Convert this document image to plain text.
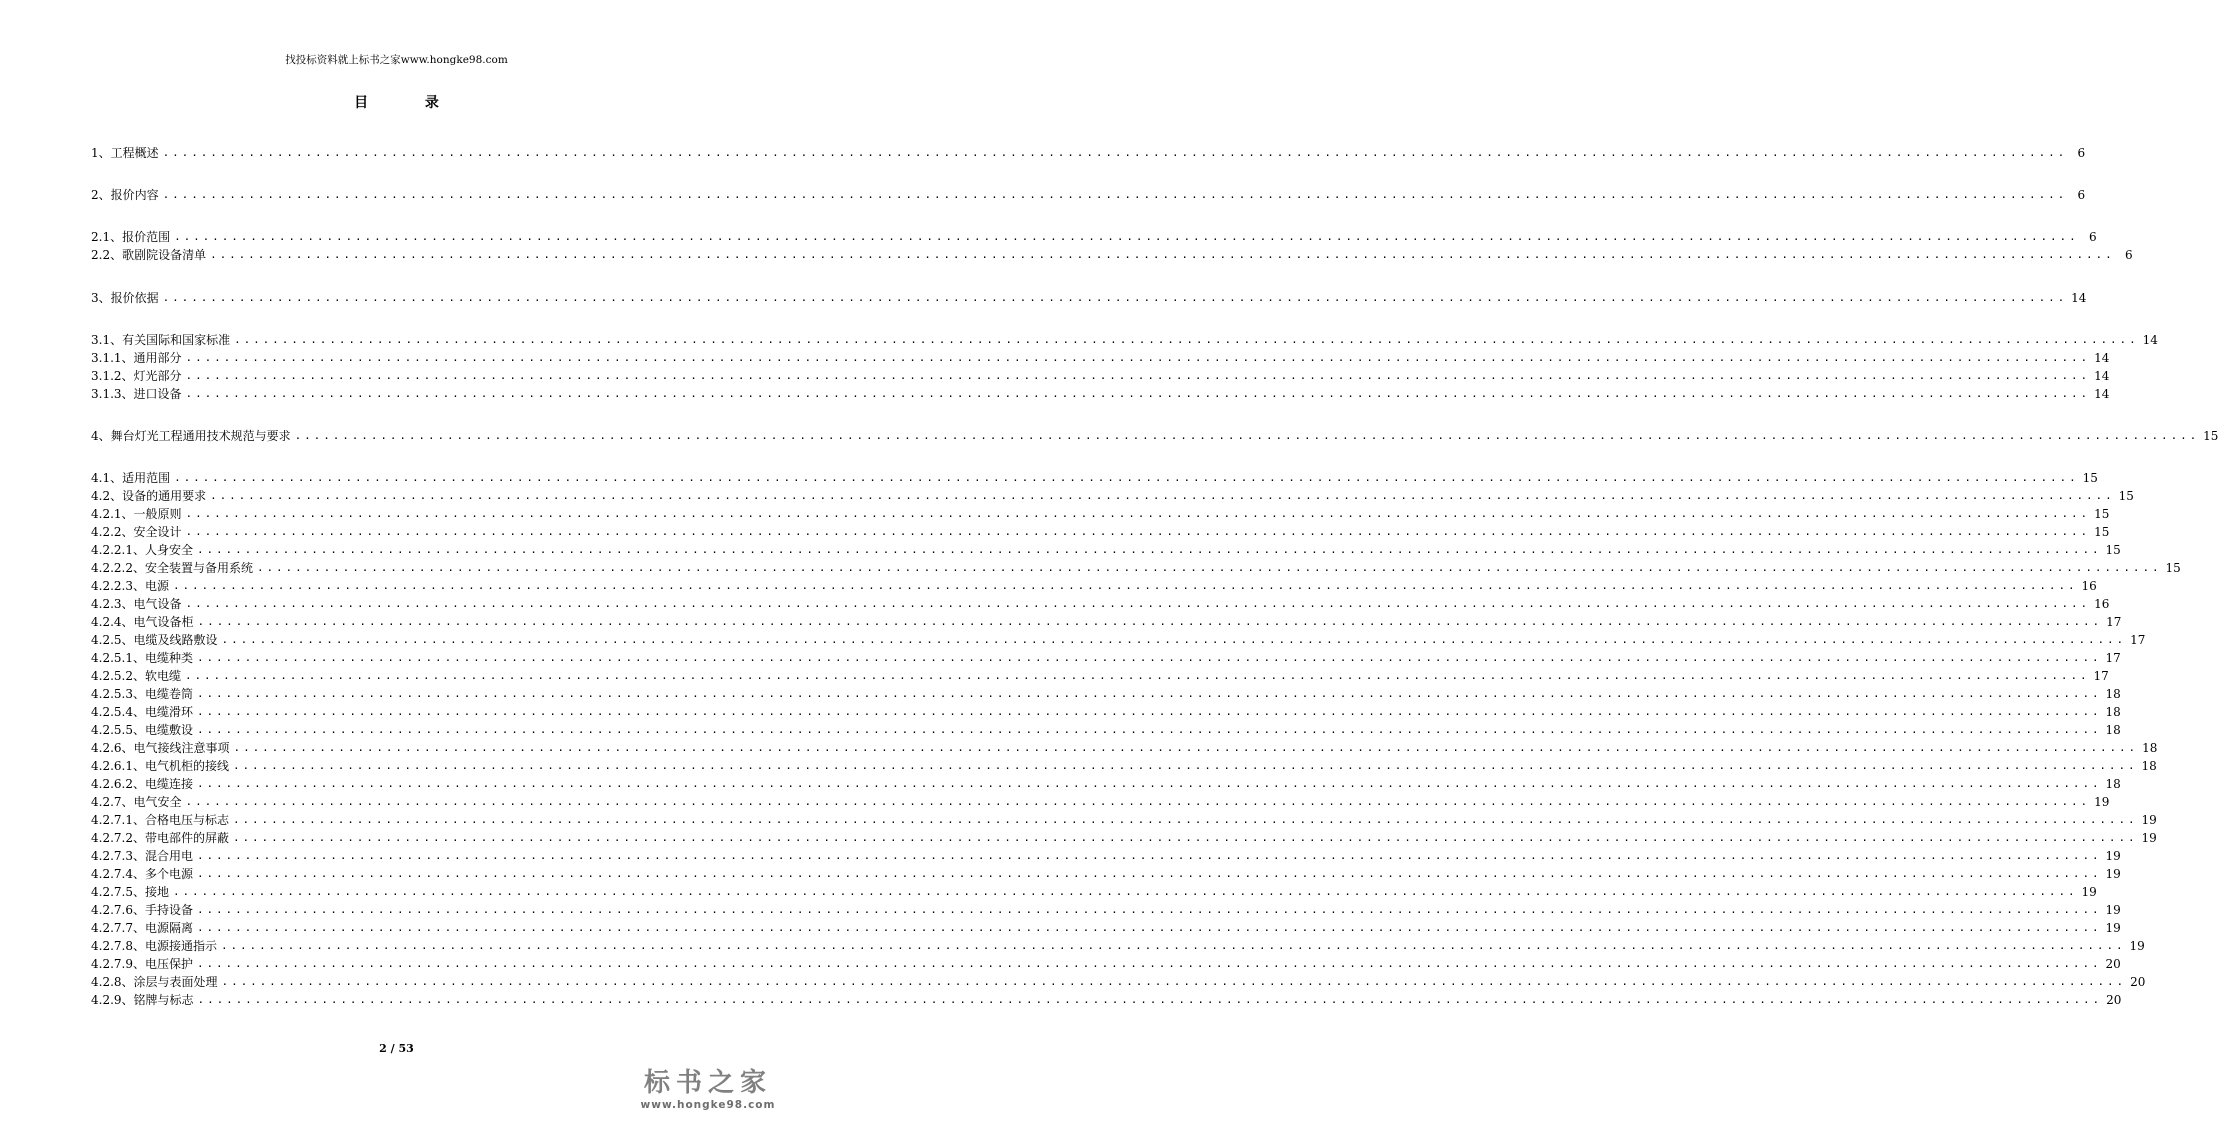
找投标资料就上标书之家www.hongke98.com
目 录
1、工程概述 ........................................................................................................................................................................................................ 6
2、报价内容 ........................................................................................................................................................................................................ 6
2.1、报价范围 ........................................................................................................................................................................................................ 6
2.2、歌剧院设备清单 ........................................................................................................................................................................................................ 6
3、报价依据 ........................................................................................................................................................................................................ 14
3.1、有关国际和国家标准 ........................................................................................................................................................................................................ 14
3.1.1、通用部分 ........................................................................................................................................................................................................ 14
3.1.2、灯光部分 ........................................................................................................................................................................................................ 14
3.1.3、进口设备 ........................................................................................................................................................................................................ 14
4、舞台灯光工程通用技术规范与要求 ........................................................................................................................................................................................................ 15
4.1、适用范围 ........................................................................................................................................................................................................ 15
4.2、设备的通用要求 ........................................................................................................................................................................................................ 15
4.2.1、一般原则 ........................................................................................................................................................................................................ 15
4.2.2、安全设计 ........................................................................................................................................................................................................ 15
4.2.2.1、人身安全 ........................................................................................................................................................................................................ 15
4.2.2.2、安全装置与备用系统 ........................................................................................................................................................................................................ 15
4.2.2.3、电源 ........................................................................................................................................................................................................ 16
4.2.3、电气设备 ........................................................................................................................................................................................................ 16
4.2.4、电气设备柜 ........................................................................................................................................................................................................ 17
4.2.5、电缆及线路敷设 ........................................................................................................................................................................................................ 17
4.2.5.1、电缆种类 ........................................................................................................................................................................................................ 17
4.2.5.2、软电缆 ........................................................................................................................................................................................................ 17
4.2.5.3、电缆卷筒 ........................................................................................................................................................................................................ 18
4.2.5.4、电缆滑环 ........................................................................................................................................................................................................ 18
4.2.5.5、电缆敷设 ........................................................................................................................................................................................................ 18
4.2.6、电气接线注意事项 ........................................................................................................................................................................................................ 18
4.2.6.1、电气机柜的接线 ........................................................................................................................................................................................................ 18
4.2.6.2、电缆连接 ........................................................................................................................................................................................................ 18
4.2.7、电气安全 ........................................................................................................................................................................................................ 19
4.2.7.1、合格电压与标志 ........................................................................................................................................................................................................ 19
4.2.7.2、带电部件的屏蔽 ........................................................................................................................................................................................................ 19
4.2.7.3、混合用电 ........................................................................................................................................................................................................ 19
4.2.7.4、多个电源 ........................................................................................................................................................................................................ 19
4.2.7.5、接地 ........................................................................................................................................................................................................ 19
4.2.7.6、手持设备 ........................................................................................................................................................................................................ 19
4.2.7.7、电源隔离 ........................................................................................................................................................................................................ 19
4.2.7.8、电源接通指示 ........................................................................................................................................................................................................ 19
4.2.7.9、电压保护 ........................................................................................................................................................................................................ 20
4.2.8、涂层与表面处理 ........................................................................................................................................................................................................ 20
4.2.9、铭牌与标志 ........................................................................................................................................................................................................ 20
2 / 53
标书之家
www.hongke98.com
